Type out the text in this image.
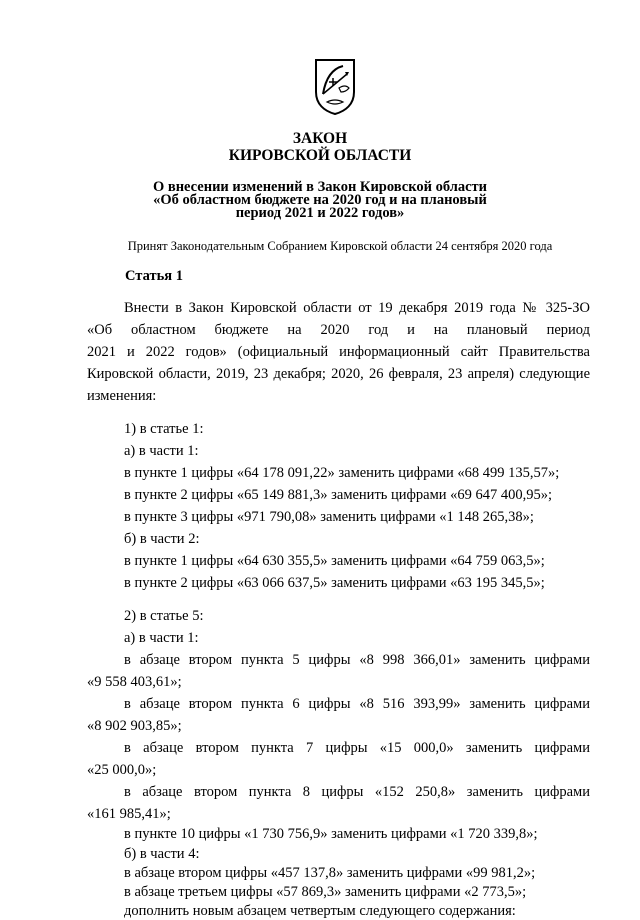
ЗАКОН
КИРОВСКОЙ ОБЛАСТИ
О внесении изменений в Закон Кировской области
«Об областном бюджете на 2020 год и на плановый
период 2021 и 2022 годов»
Принят Законодательным Собранием Кировской области 24 сентября 2020 года
Статья 1
Внести в Закон Кировской области от 19 декабря 2019 года № 325-ЗО
«Об областном бюджете на 2020 год и на плановый период
2021 и 2022 годов» (официальный информационный сайт Правительства
Кировской области, 2019, 23 декабря; 2020, 26 февраля, 23 апреля) следующие
изменения:
1) в статье 1:
а) в части 1:
в пункте 1 цифры «64 178 091,22» заменить цифрами «68 499 135,57»;
в пункте 2 цифры «65 149 881,3» заменить цифрами «69 647 400,95»;
в пункте 3 цифры «971 790,08» заменить цифрами «1 148 265,38»;
б) в части 2:
в пункте 1 цифры «64 630 355,5» заменить цифрами «64 759 063,5»;
в пункте 2 цифры «63 066 637,5» заменить цифрами «63 195 345,5»;
2) в статье 5:
а) в части 1:
в абзаце втором пункта 5 цифры «8 998 366,01» заменить цифрами
«9 558 403,61»;
в абзаце втором пункта 6 цифры «8 516 393,99» заменить цифрами
«8 902 903,85»;
в абзаце втором пункта 7 цифры «15 000,0» заменить цифрами
«25 000,0»;
в абзаце втором пункта 8 цифры «152 250,8» заменить цифрами
«161 985,41»;
в пункте 10 цифры «1 730 756,9» заменить цифрами «1 720 339,8»;
б) в части 4:
в абзаце втором цифры «457 137,8» заменить цифрами «99 981,2»;
в абзаце третьем цифры «57 869,3» заменить цифрами «2 773,5»;
дополнить новым абзацем четвертым следующего содержания:
